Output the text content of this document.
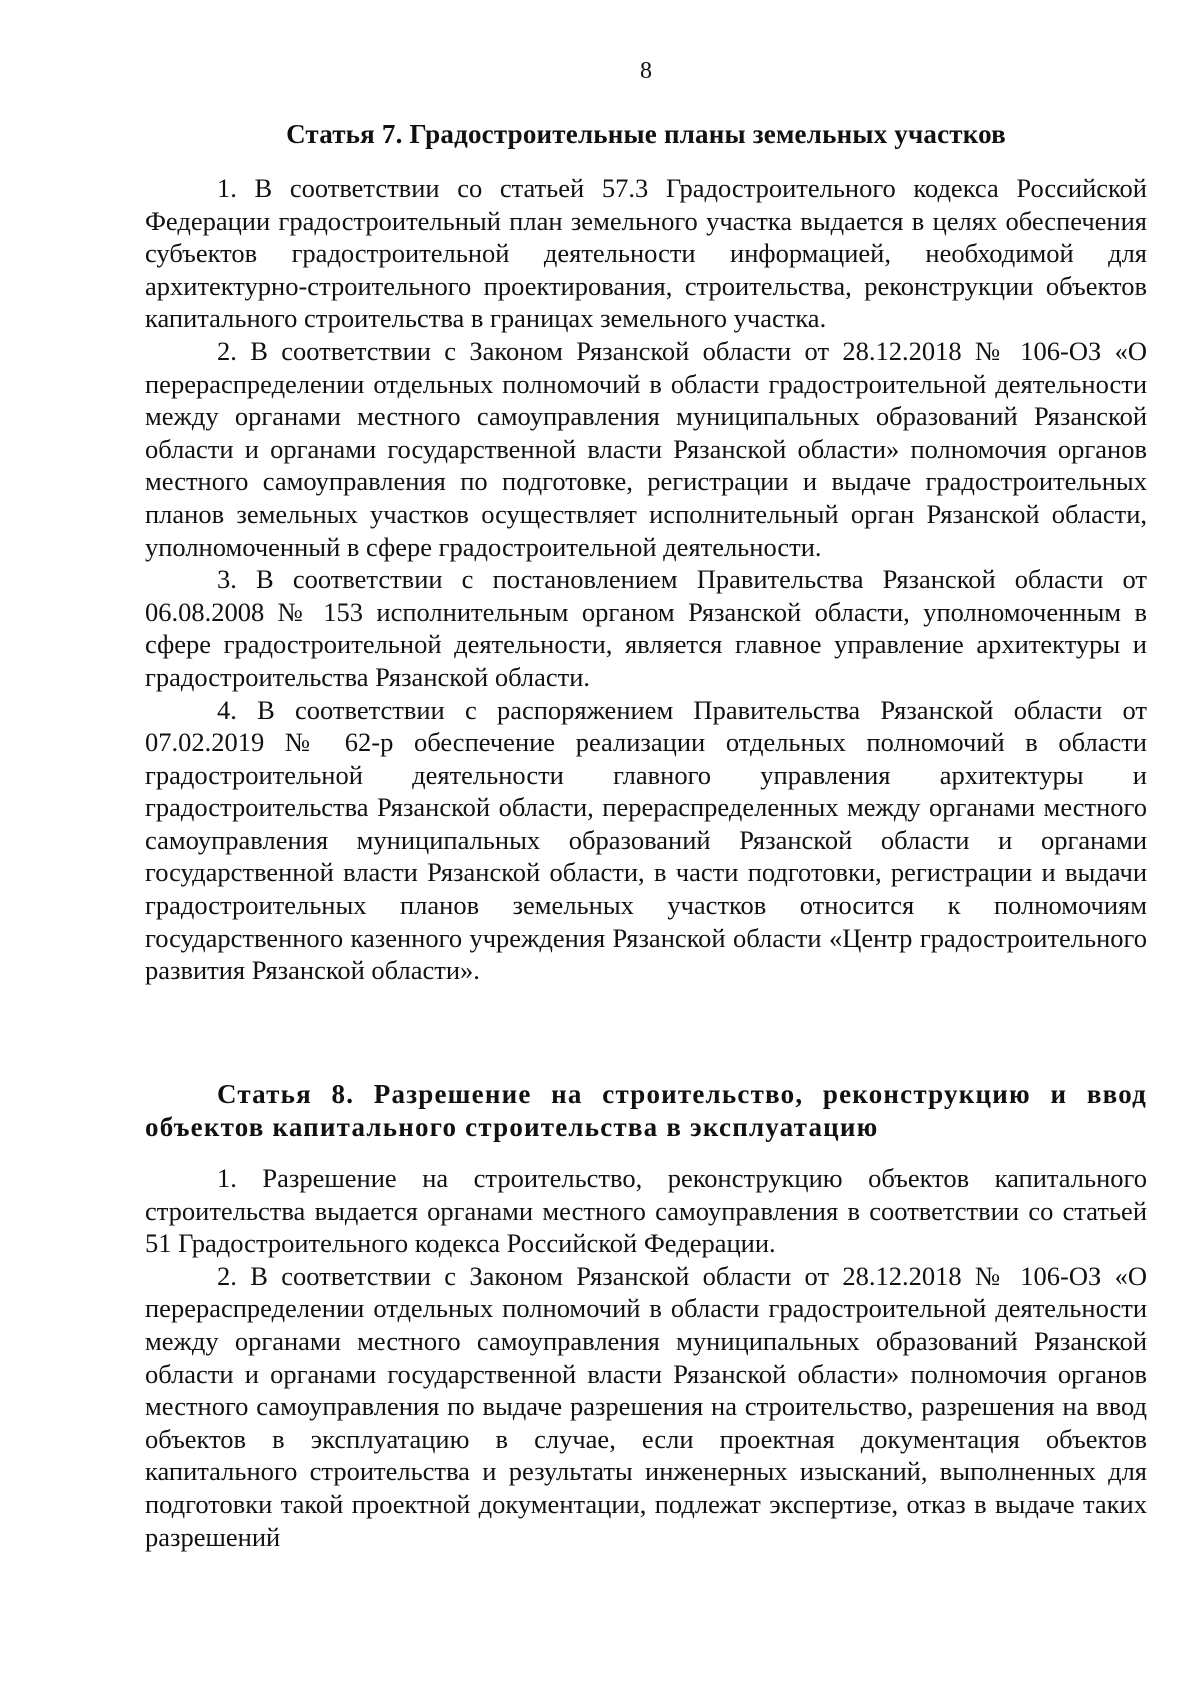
8
Статья 7. Градостроительные планы земельных участков

1. В соответствии со статьей 57.3 Градостроительного кодекса Российской Федерации градостроительный план земельного участка выдается в целях обеспечения субъектов градостроительной деятельности информацией, необходимой для архитектурно-строительного проектирования, строительства, реконструкции объектов капитального строительства в границах земельного участка.

2. В соответствии с Законом Рязанской области от 28.12.2018 № 106-ОЗ «О перераспределении отдельных полномочий в области градостроительной деятельности между органами местного самоуправления муниципальных образований Рязанской области и органами государственной власти Рязанской области» полномочия органов местного самоуправления по подготовке, регистрации и выдаче градостроительных планов земельных участков осуществляет исполнительный орган Рязанской области, уполномоченный в сфере градостроительной деятельности.

3. В соответствии с постановлением Правительства Рязанской области от 06.08.2008 № 153 исполнительным органом Рязанской области, уполномоченным в сфере градостроительной деятельности, является главное управление архитектуры и градостроительства Рязанской области.

4. В соответствии с распоряжением Правительства Рязанской области от 07.02.2019 № 62-р обеспечение реализации отдельных полномочий в области градостроительной деятельности главного управления архитектуры и градостроительства Рязанской области, перераспределенных между органами местного самоуправления муниципальных образований Рязанской области и органами государственной власти Рязанской области, в части подготовки, регистрации и выдачи градостроительных планов земельных участков относится к полномочиям государственного казенного учреждения Рязанской области «Центр градостроительного развития Рязанской области».

Статья 8. Разрешение на строительство, реконструкцию и ввод объектов капитального строительства в эксплуатацию

1. Разрешение на строительство, реконструкцию объектов капитального строительства выдается органами местного самоуправления в соответствии со статьей 51 Градостроительного кодекса Российской Федерации.

2. В соответствии с Законом Рязанской области от 28.12.2018 № 106-ОЗ «О перераспределении отдельных полномочий в области градостроительной деятельности между органами местного самоуправления муниципальных образований Рязанской области и органами государственной власти Рязанской области» полномочия органов местного самоуправления по выдаче разрешения на строительство, разрешения на ввод объектов в эксплуатацию в случае, если проектная документация объектов капитального строительства и результаты инженерных изысканий, выполненных для подготовки такой проектной документации, подлежат экспертизе, отказ в выдаче таких разрешений
